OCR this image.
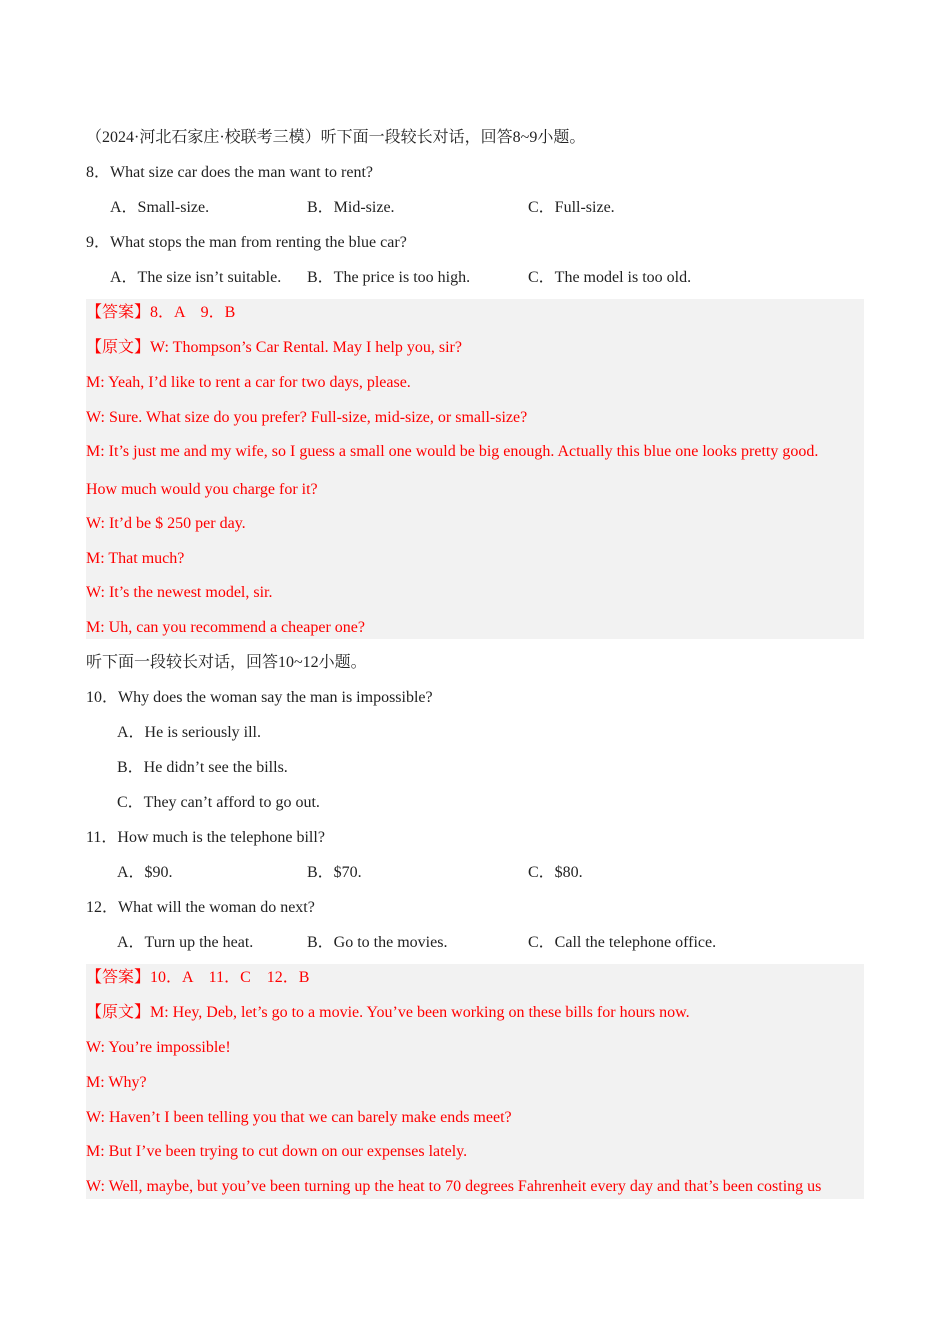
（2024·河北石家庄·校联考三模）听下面一段较长对话，回答8~9小题。
8．What size car does the man want to rent?
A．Small-size.	B．Mid-size.	C．Full-size.
9．What stops the man from renting the blue car?
A．The size isn’t suitable. B．The price is too high.	C．The model is too old.
【答案】8．A　9．B
【原文】W: Thompson’s Car Rental. May I help you, sir?
M: Yeah, I’d like to rent a car for two days, please.
W: Sure. What size do you prefer? Full-size, mid-size, or small-size?
M: It’s just me and my wife, so I guess a small one would be big enough. Actually this blue one looks pretty good.
How much would you charge for it?
W: It’d be $ 250 per day.
M: That much?
W: It’s the newest model, sir.
M: Uh, can you recommend a cheaper one?
听下面一段较长对话，回答10~12小题。
10．Why does the woman say the man is impossible?
A．He is seriously ill.
B．He didn’t see the bills.
C．They can’t afford to go out.
11．How much is the telephone bill?
A．$90.	B．$70.	C．$80.
12．What will the woman do next?
A．Turn up the heat.	B．Go to the movies.	C．Call the telephone office.
【答案】10．A　11．C　12．B
【原文】M: Hey, Deb, let’s go to a movie. You’ve been working on these bills for hours now.
W: You’re impossible!
M: Why?
W: Haven’t I been telling you that we can barely make ends meet?
M: But I’ve been trying to cut down on our expenses lately.
W: Well, maybe, but you’ve been turning up the heat to 70 degrees Fahrenheit every day and that’s been costing us
